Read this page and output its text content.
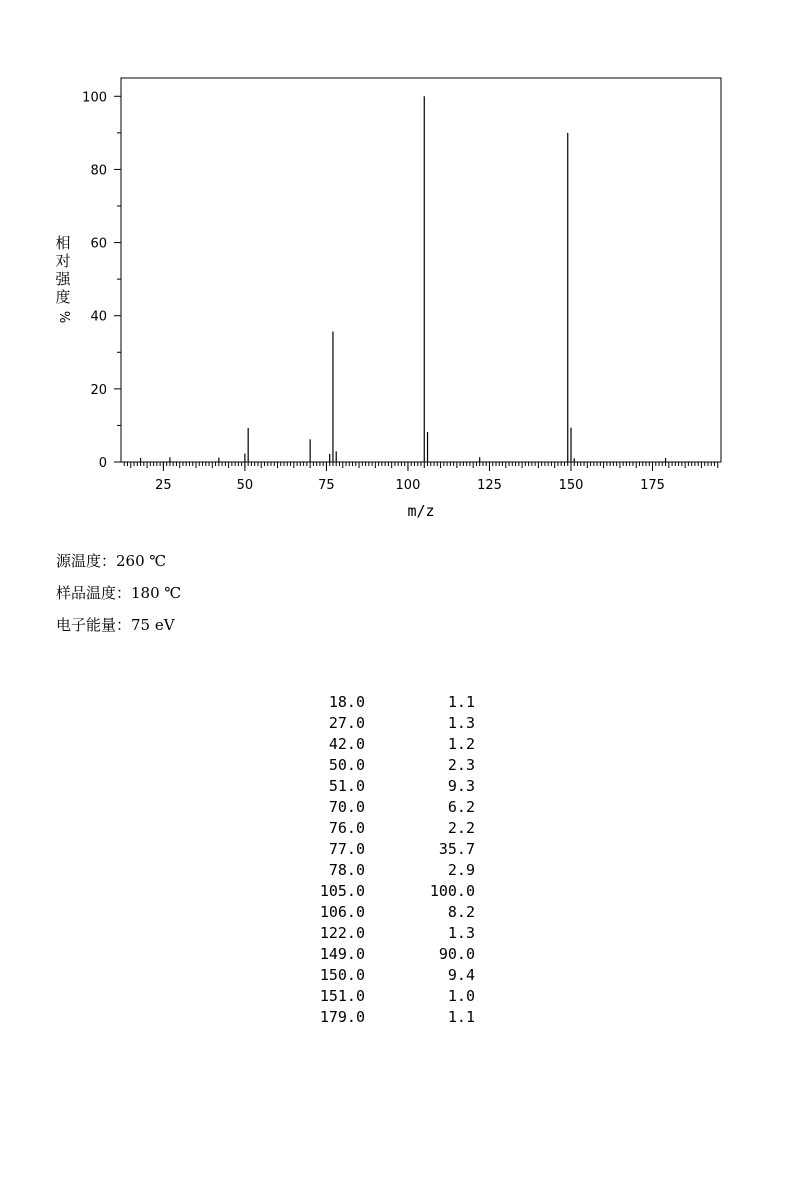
25	50	75	100	125	150	175
0
20
40
60
80
100
m/z
相
对
强
度
%
源温度：260 ℃
样品温度：180 ℃
电子能量：75 eV
18.0	1.1
27.0	1.3
42.0	1.2
50.0	2.3
51.0	9.3
70.0	6.2
76.0	2.2
77.0	35.7
78.0	2.9
105.0	100.0
106.0	8.2
122.0	1.3
149.0	90.0
150.0	9.4
151.0	1.0
179.0	1.1
